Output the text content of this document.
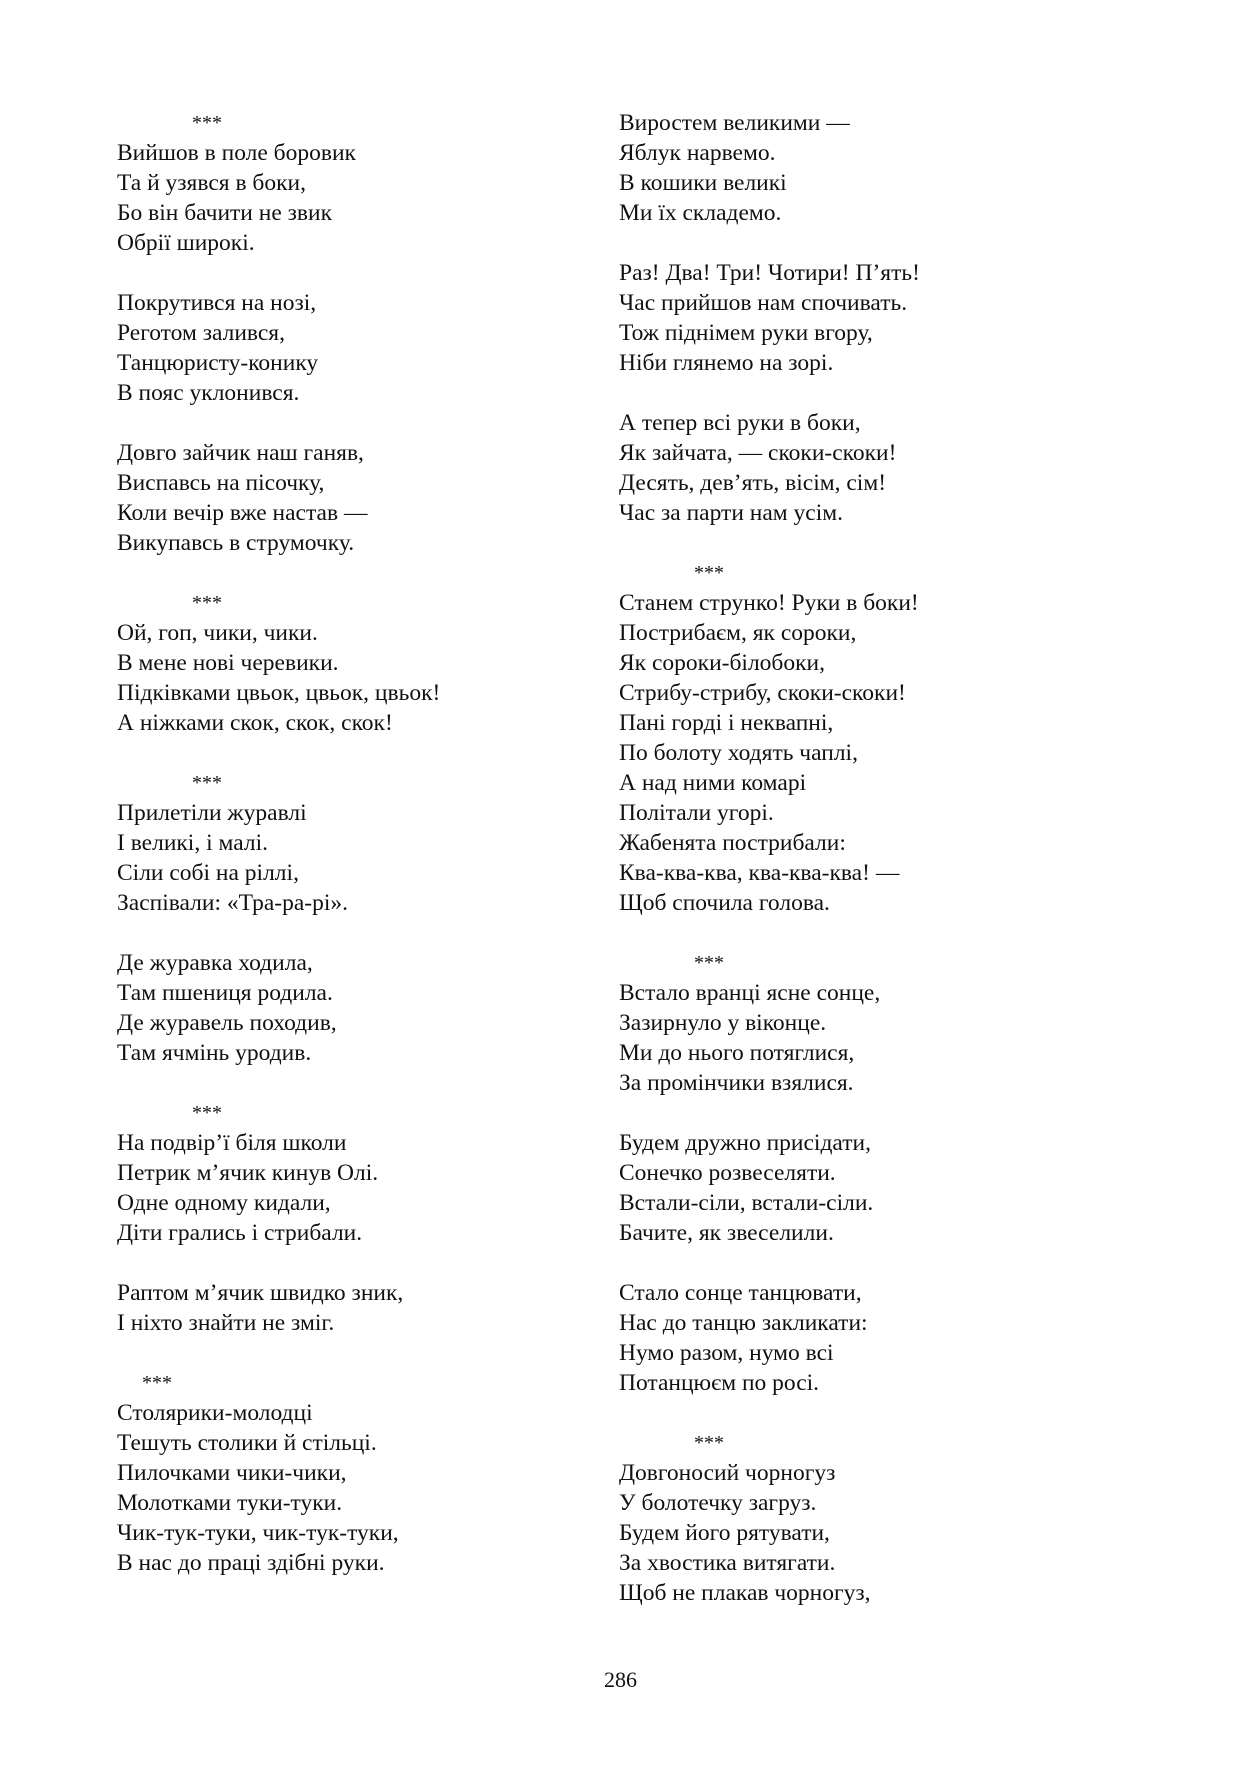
***
Вийшов в поле боровик
Та й узявся в боки,
Бо він бачити не звик
Обрії широкі.
Покрутився на нозі,
Реготом залився,
Танцюристу-конику
В пояс уклонився.
Довго зайчик наш ганяв,
Виспавсь на пісочку,
Коли вечір вже настав —
Викупавсь в струмочку.
***
Ой, гоп, чики, чики.
В мене нові черевики.
Підківками цвьок, цвьок, цвьок!
А ніжками скок, скок, скок!
***
Прилетіли журавлі
І великі, і малі.
Сіли собі на ріллі,
Заспівали: «Тра-ра-рі».
Де журавка ходила,
Там пшениця родила.
Де журавель походив,
Там ячмінь уродив.
***
На подвір’ї біля школи
Петрик м’ячик кинув Олі.
Одне одному кидали,
Діти грались і стрибали.
Раптом м’ячик швидко зник,
І ніхто знайти не зміг.
***
Столярики-молодці
Тешуть столики й стільці.
Пилочками чики-чики,
Молотками туки-туки.
Чик-тук-туки, чик-тук-туки,
В нас до праці здібні руки.
Виростем великими —
Яблук нарвемо.
В кошики великі
Ми їх складемо.
Раз! Два! Три! Чотири! П’ять!
Час прийшов нам спочивать.
Тож піднімем руки вгору,
Ніби глянемо на зорі.
А тепер всі руки в боки,
Як зайчата, — скоки-скоки!
Десять, дев’ять, вісім, сім!
Час за парти нам усім.
***
Станем струнко! Руки в боки!
Пострибаєм, як сороки,
Як сороки-білобоки,
Стрибу-стрибу, скоки-скоки!
Пані горді і неквапні,
По болоту ходять чаплі,
А над ними комарі
Політали угорі.
Жабенята пострибали:
Ква-ква-ква, ква-ква-ква! —
Щоб спочила голова.
***
Встало вранці ясне сонце,
Зазирнуло у віконце.
Ми до нього потяглися,
За промінчики взялися.
Будем дружно присідати,
Сонечко розвеселяти.
Встали-сіли, встали-сіли.
Бачите, як звеселили.
Стало сонце танцювати,
Нас до танцю закликати:
Нумо разом, нумо всі
Потанцюєм по росі.
***
Довгоносий чорногуз
У болотечку загруз.
Будем його рятувати,
За хвостика витягати.
Щоб не плакав чорногуз,
286
